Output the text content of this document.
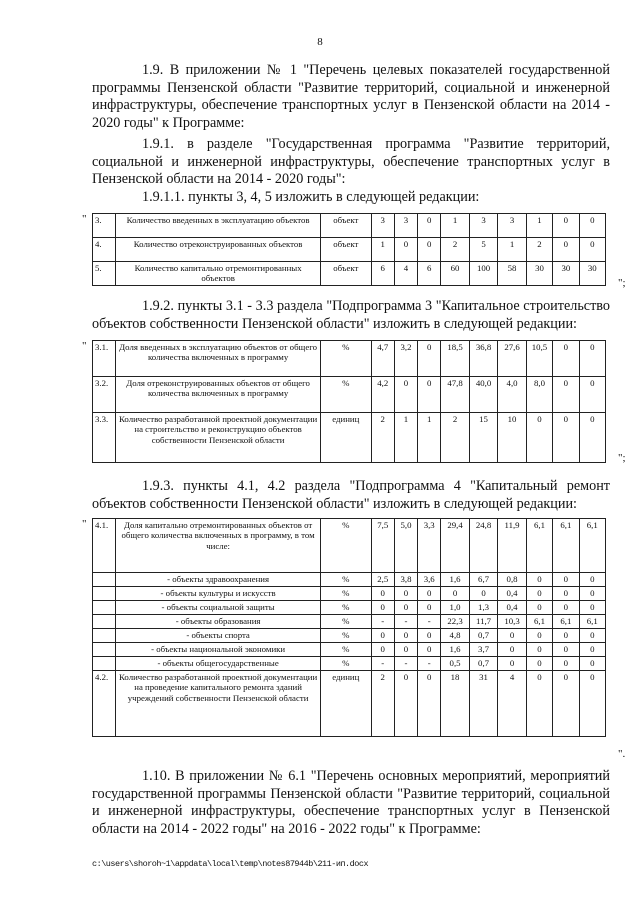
8
1.9. В приложении № 1 "Перечень целевых показателей государственной программы Пензенской области "Развитие территорий, социальной и инженерной инфраструктуры, обеспечение транспортных услуг в Пензенской области на 2014 - 2020 годы" к Программе:
1.9.1. в разделе "Государственная программа "Развитие территорий, социальной и инженерной инфраструктуры, обеспечение транспортных услуг в Пензенской области на 2014 - 2020 годы":
1.9.1.1. пункты 3, 4, 5 изложить в следующей редакции:
" 3.	Количество введенных в эксплуатацию объектов	объект	3	3	0	1	3	3	1	0	0
4.	Количество отреконструированных объектов	объект	1	0	0	2	5	1	2	0	0
5.	Количество капитально отремонтированных объектов	объект	6	4	6	60	100	58	30	30	30
";
1.9.2. пункты 3.1 - 3.3 раздела "Подпрограмма 3 "Капитальное строительство объектов собственности Пензенской области" изложить в следующей редакции:
" 3.1.	Доля введенных в эксплуатацию объектов от общего количества включенных в программу	%	4,7	3,2	0	18,5	36,8	27,6	10,5	0	0
3.2.	Доля отреконструированных объектов от общего количества включенных в программу	%	4,2	0	0	47,8	40,0	4,0	8,0	0	0
3.3.	Количество разработанной проектной документации на строительство и реконструкцию объектов собственности Пензенской области	единиц	2	1	1	2	15	10	0	0	0
";
1.9.3. пункты 4.1, 4.2 раздела "Подпрограмма 4 "Капитальный ремонт объектов собственности Пензенской области" изложить в следующей редакции:
" 4.1.	Доля капитально отремонтированных объектов от общего количества включенных в программу, в том числе:	%	7,5	5,0	3,3	29,4	24,8	11,9	6,1	6,1	6,1
	- объекты здравоохранения	%	2,5	3,8	3,6	1,6	6,7	0,8	0	0	0
	- объекты культуры и искусств	%	0	0	0	0	0	0,4	0	0	0
	- объекты социальной защиты	%	0	0	0	1,0	1,3	0,4	0	0	0
	- объекты образования	%	-	-	-	22,3	11,7	10,3	6,1	6,1	6,1
	- объекты спорта	%	0	0	0	4,8	0,7	0	0	0	0
	- объекты национальной экономики	%	0	0	0	1,6	3,7	0	0	0	0
	- объекты общегосударственные	%	-	-	-	0,5	0,7	0	0	0	0
4.2.	Количество разработанной проектной документации на проведение капитального ремонта зданий учреждений собственности Пензенской области	единиц	2	0	0	18	31	4	0	0	0
".
1.10. В приложении № 6.1 "Перечень основных мероприятий, мероприятий государственной программы Пензенской области "Развитие территорий, социальной и инженерной инфраструктуры, обеспечение транспортных услуг в Пензенской области на 2014 - 2022 годы" на 2016 - 2022 годы" к Программе:
c:\users\shoroh~1\appdata\local\temp\notes87944b\211-ип.docx
